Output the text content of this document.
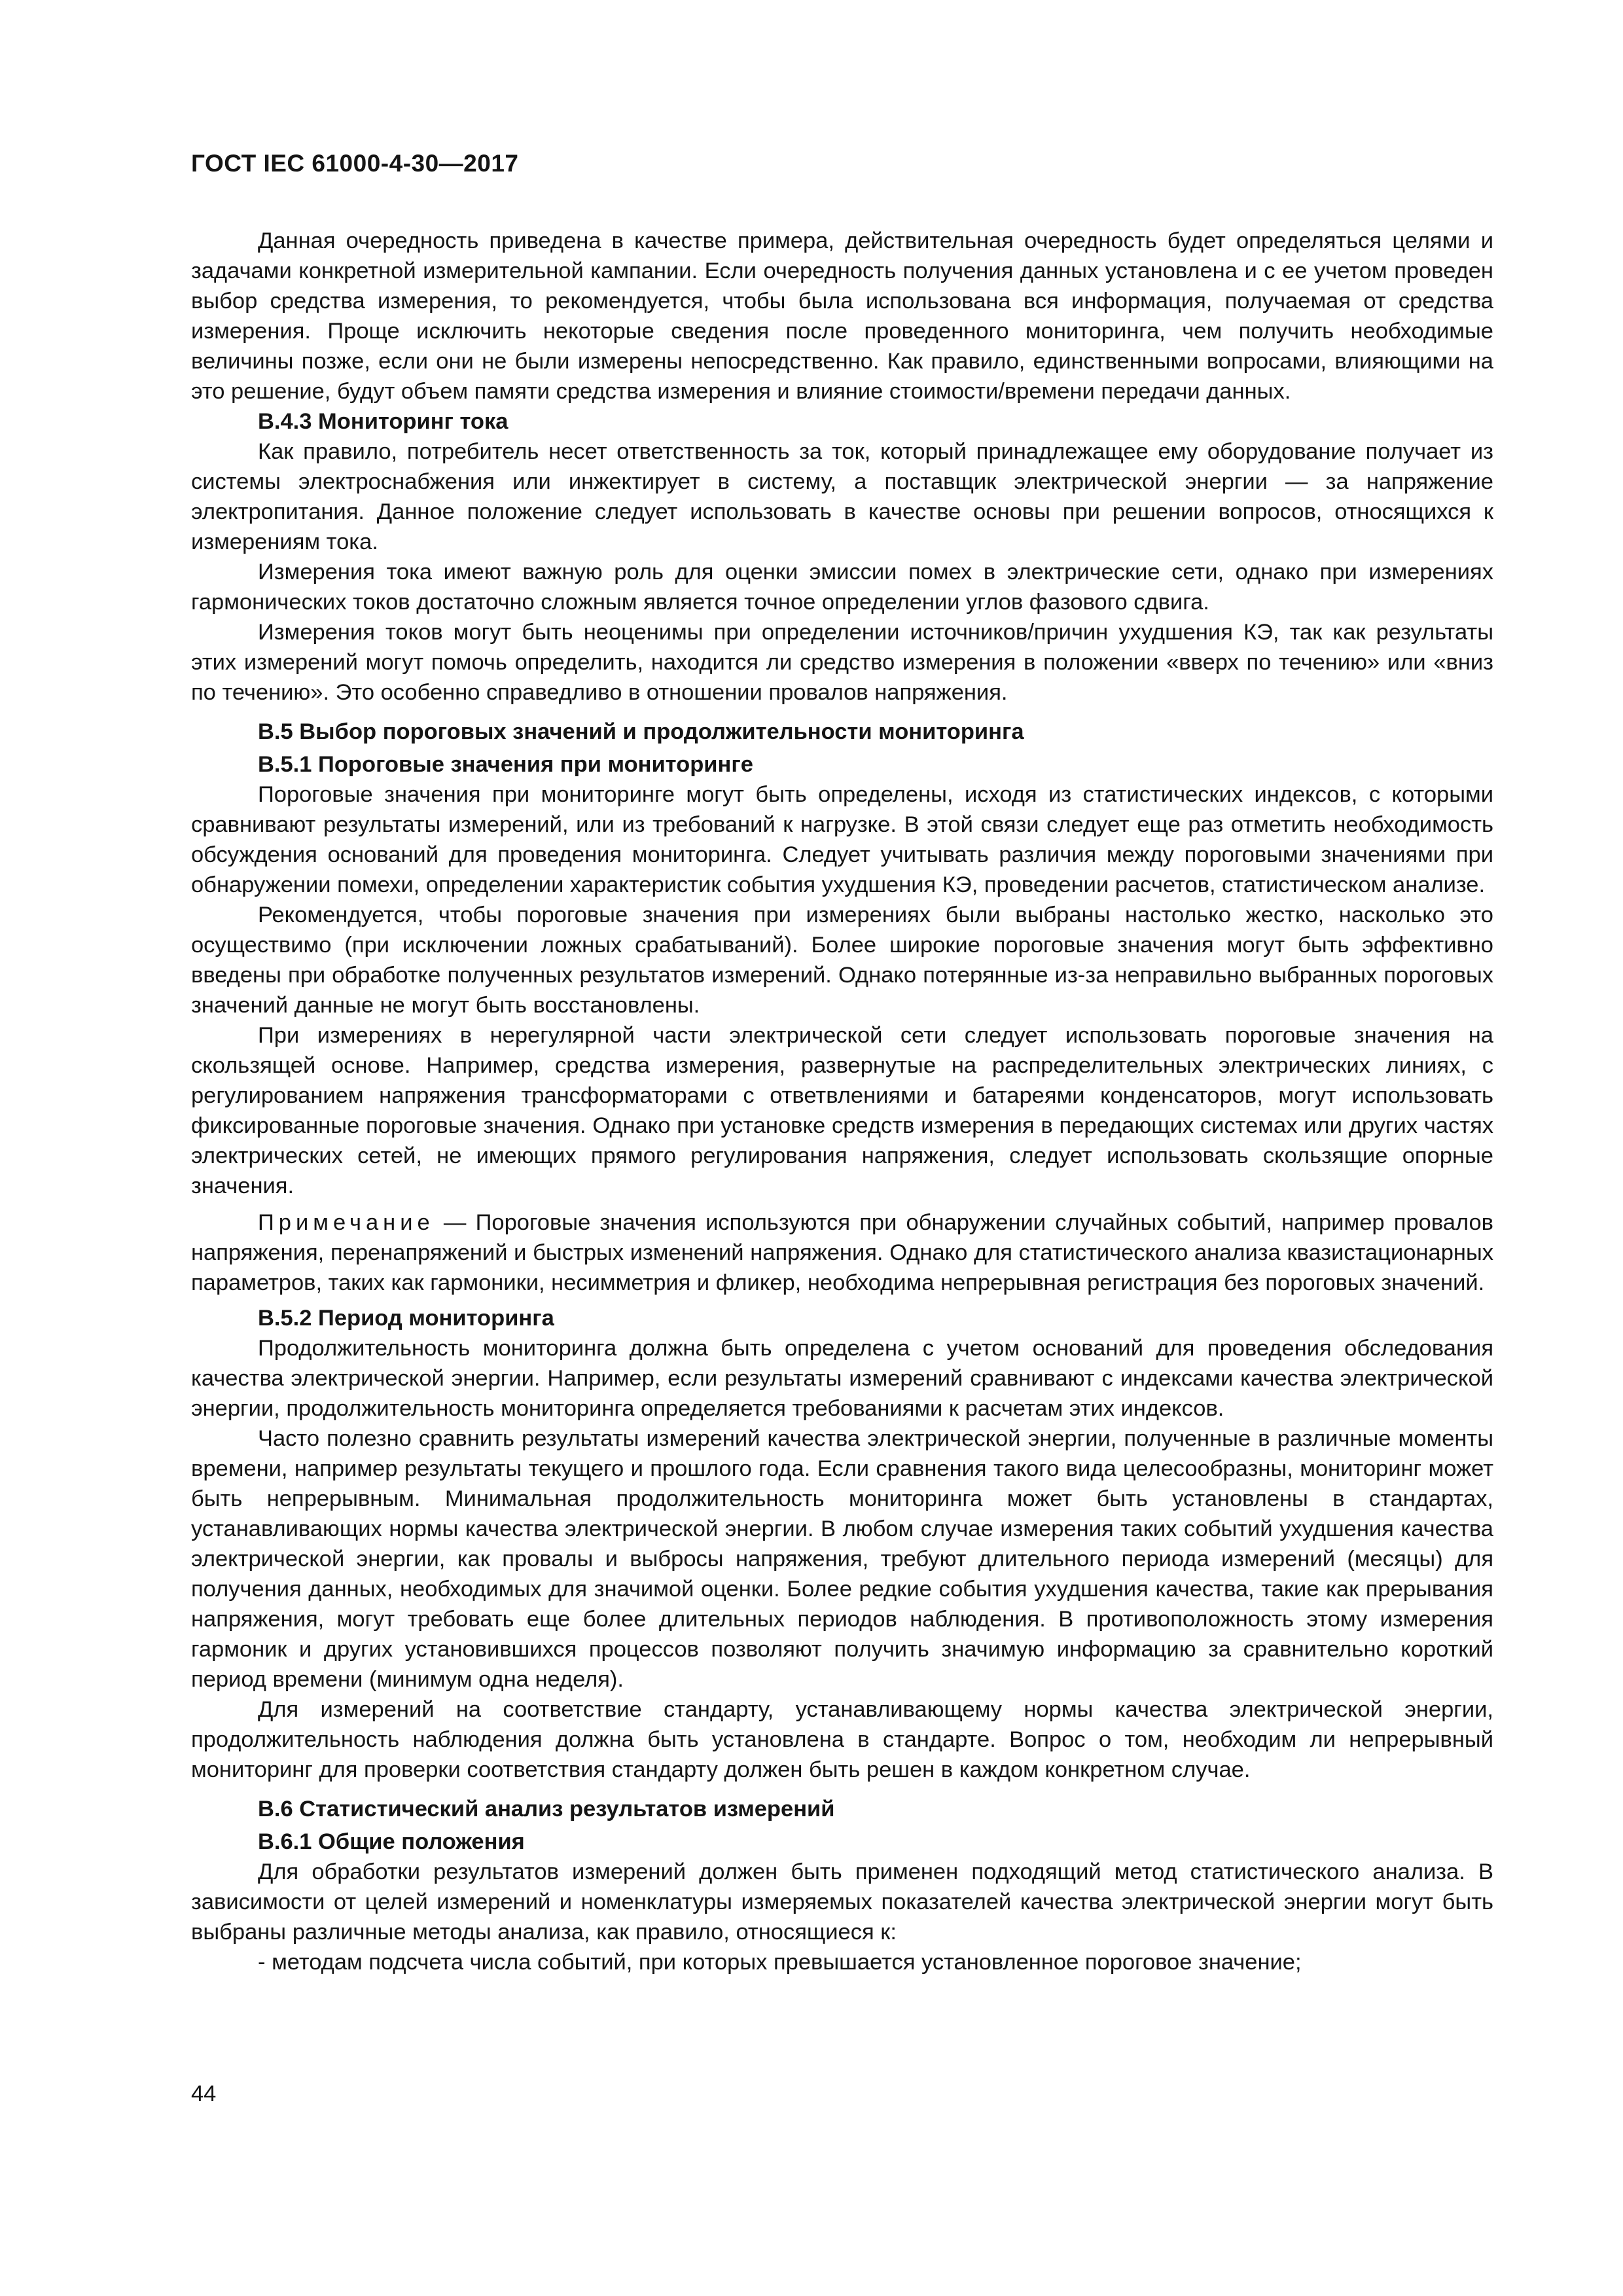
ГОСТ IEC 61000-4-30—2017

Данная очередность приведена в качестве примера, действительная очередность будет определяться целями и задачами конкретной измерительной кампании. Если очередность получения данных установлена и с ее учетом проведен выбор средства измерения, то рекомендуется, чтобы была использована вся информация, получаемая от средства измерения. Проще исключить некоторые сведения после проведенного мониторинга, чем получить необходимые величины позже, если они не были измерены непосредственно. Как правило, единственными вопросами, влияющими на это решение, будут объем памяти средства измерения и влияние стоимости/времени передачи данных.

B.4.3 Мониторинг тока

Как правило, потребитель несет ответственность за ток, который принадлежащее ему оборудование получает из системы электроснабжения или инжектирует в систему, а поставщик электрической энергии — за напряжение электропитания. Данное положение следует использовать в качестве основы при решении вопросов, относящихся к измерениям тока.

Измерения тока имеют важную роль для оценки эмиссии помех в электрические сети, однако при измерениях гармонических токов достаточно сложным является точное определении углов фазового сдвига.

Измерения токов могут быть неоценимы при определении источников/причин ухудшения КЭ, так как результаты этих измерений могут помочь определить, находится ли средство измерения в положении «вверх по течению» или «вниз по течению». Это особенно справедливо в отношении провалов напряжения.

B.5 Выбор пороговых значений и продолжительности мониторинга
B.5.1 Пороговые значения при мониторинге

Пороговые значения при мониторинге могут быть определены, исходя из статистических индексов, с которыми сравнивают результаты измерений, или из требований к нагрузке. В этой связи следует еще раз отметить необходимость обсуждения оснований для проведения мониторинга. Следует учитывать различия между пороговыми значениями при обнаружении помехи, определении характеристик события ухудшения КЭ, проведении расчетов, статистическом анализе.

Рекомендуется, чтобы пороговые значения при измерениях были выбраны настолько жестко, насколько это осуществимо (при исключении ложных срабатываний). Более широкие пороговые значения могут быть эффективно введены при обработке полученных результатов измерений. Однако потерянные из-за неправильно выбранных пороговых значений данные не могут быть восстановлены.

При измерениях в нерегулярной части электрической сети следует использовать пороговые значения на скользящей основе. Например, средства измерения, развернутые на распределительных электрических линиях, с регулированием напряжения трансформаторами с ответвлениями и батареями конденсаторов, могут использовать фиксированные пороговые значения. Однако при установке средств измерения в передающих системах или других частях электрических сетей, не имеющих прямого регулирования напряжения, следует использовать скользящие опорные значения.

Примечание — Пороговые значения используются при обнаружении случайных событий, например провалов напряжения, перенапряжений и быстрых изменений напряжения. Однако для статистического анализа квазистационарных параметров, таких как гармоники, несимметрия и фликер, необходима непрерывная регистрация без пороговых значений.

B.5.2 Период мониторинга

Продолжительность мониторинга должна быть определена с учетом оснований для проведения обследования качества электрической энергии. Например, если результаты измерений сравнивают с индексами качества электрической энергии, продолжительность мониторинга определяется требованиями к расчетам этих индексов.

Часто полезно сравнить результаты измерений качества электрической энергии, полученные в различные моменты времени, например результаты текущего и прошлого года. Если сравнения такого вида целесообразны, мониторинг может быть непрерывным. Минимальная продолжительность мониторинга может быть установлены в стандартах, устанавливающих нормы качества электрической энергии. В любом случае измерения таких событий ухудшения качества электрической энергии, как провалы и выбросы напряжения, требуют длительного периода измерений (месяцы) для получения данных, необходимых для значимой оценки. Более редкие события ухудшения качества, такие как прерывания напряжения, могут требовать еще более длительных периодов наблюдения. В противоположность этому измерения гармоник и других установившихся процессов позволяют получить значимую информацию за сравнительно короткий период времени (минимум одна неделя).

Для измерений на соответствие стандарту, устанавливающему нормы качества электрической энергии, продолжительность наблюдения должна быть установлена в стандарте. Вопрос о том, необходим ли непрерывный мониторинг для проверки соответствия стандарту должен быть решен в каждом конкретном случае.

B.6 Статистический анализ результатов измерений
B.6.1 Общие положения

Для обработки результатов измерений должен быть применен подходящий метод статистического анализа. В зависимости от целей измерений и номенклатуры измеряемых показателей качества электрической энергии могут быть выбраны различные методы анализа, как правило, относящиеся к:

- методам подсчета числа событий, при которых превышается установленное пороговое значение;

44
